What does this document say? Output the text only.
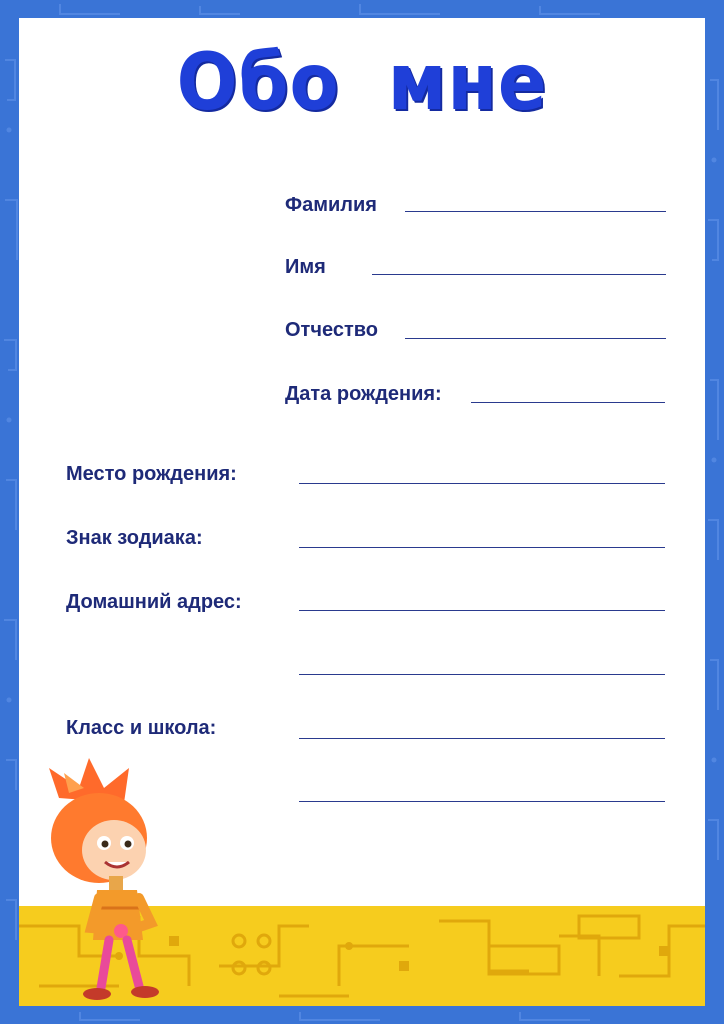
Обо мне
Фамилия
Имя
Отчество
Дата рождения:
Место рождения:
Знак зодиака:
Домашний адрес:
Класс и школа:
